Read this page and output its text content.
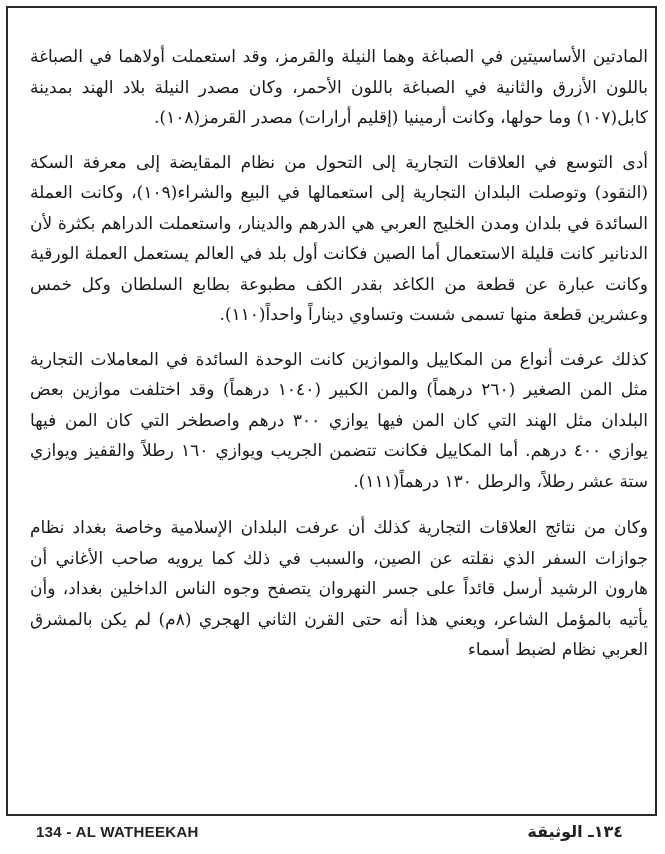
المادتين الأساسيتين في الصباغة وهما النيلة والقرمز، وقد استعملت أولاهما في الصباغة باللون الأزرق والثانية في الصباغة باللون الأحمر، وكان مصدر النيلة بلاد الهند بمدينة كابل(١٠٧) وما حولها، وكانت أرمينيا (إقليم أرارات) مصدر القرمز(١٠٨).

أدى التوسع في العلاقات التجارية إلى التحول من نظام المقايضة إلى معرفة السكة (النقود) وتوصلت البلدان التجارية إلى استعمالها في البيع والشراء(١٠٩)، وكانت العملة السائدة في بلدان ومدن الخليج العربي هي الدرهم والدينار، واستعملت الدراهم بكثرة لأن الدنانير كانت قليلة الاستعمال أما الصين فكانت أول بلد في العالم يستعمل العملة الورقية وكانت عبارة عن قطعة من الكاغد بقدر الكف مطبوعة بطابع السلطان وكل خمس وعشرين قطعة منها تسمى شست وتساوي ديناراً واحداً(١١٠).

كذلك عرفت أنواع من المكاييل والموازين كانت الوحدة السائدة في المعاملات التجارية مثل المن الصغير (٢٦٠ درهماً) والمن الكبير (١٠٤٠ درهماً) وقد اختلفت موازين بعض البلدان مثل الهند التي كان المن فيها يوازي ٣٠٠ درهم واصطخر التي كان المن فيها يوازي ٤٠٠ درهم. أما المكاييل فكانت تتضمن الجريب ويوازي ١٦٠ رطلاً والقفيز ويوازي ستة عشر رطلاً، والرطل ١٣٠ درهماً(١١١).

وكان من نتائج العلاقات التجارية كذلك أن عرفت البلدان الإسلامية وخاصة بغداد نظام جوازات السفر الذي نقلته عن الصين، والسبب في ذلك كما يرويه صاحب الأغاني أن هارون الرشيد أرسل قائداً على جسر النهروان يتصفح وجوه الناس الداخلين بغداد، وأن يأتيه بالمؤمل الشاعر، ويعني هذا أنه حتى القرن الثاني الهجري (٨م) لم يكن بالمشرق العربي نظام لضبط أسماء

134 - AL WATHEEKAH	١٣٤ـ الوثيقة
